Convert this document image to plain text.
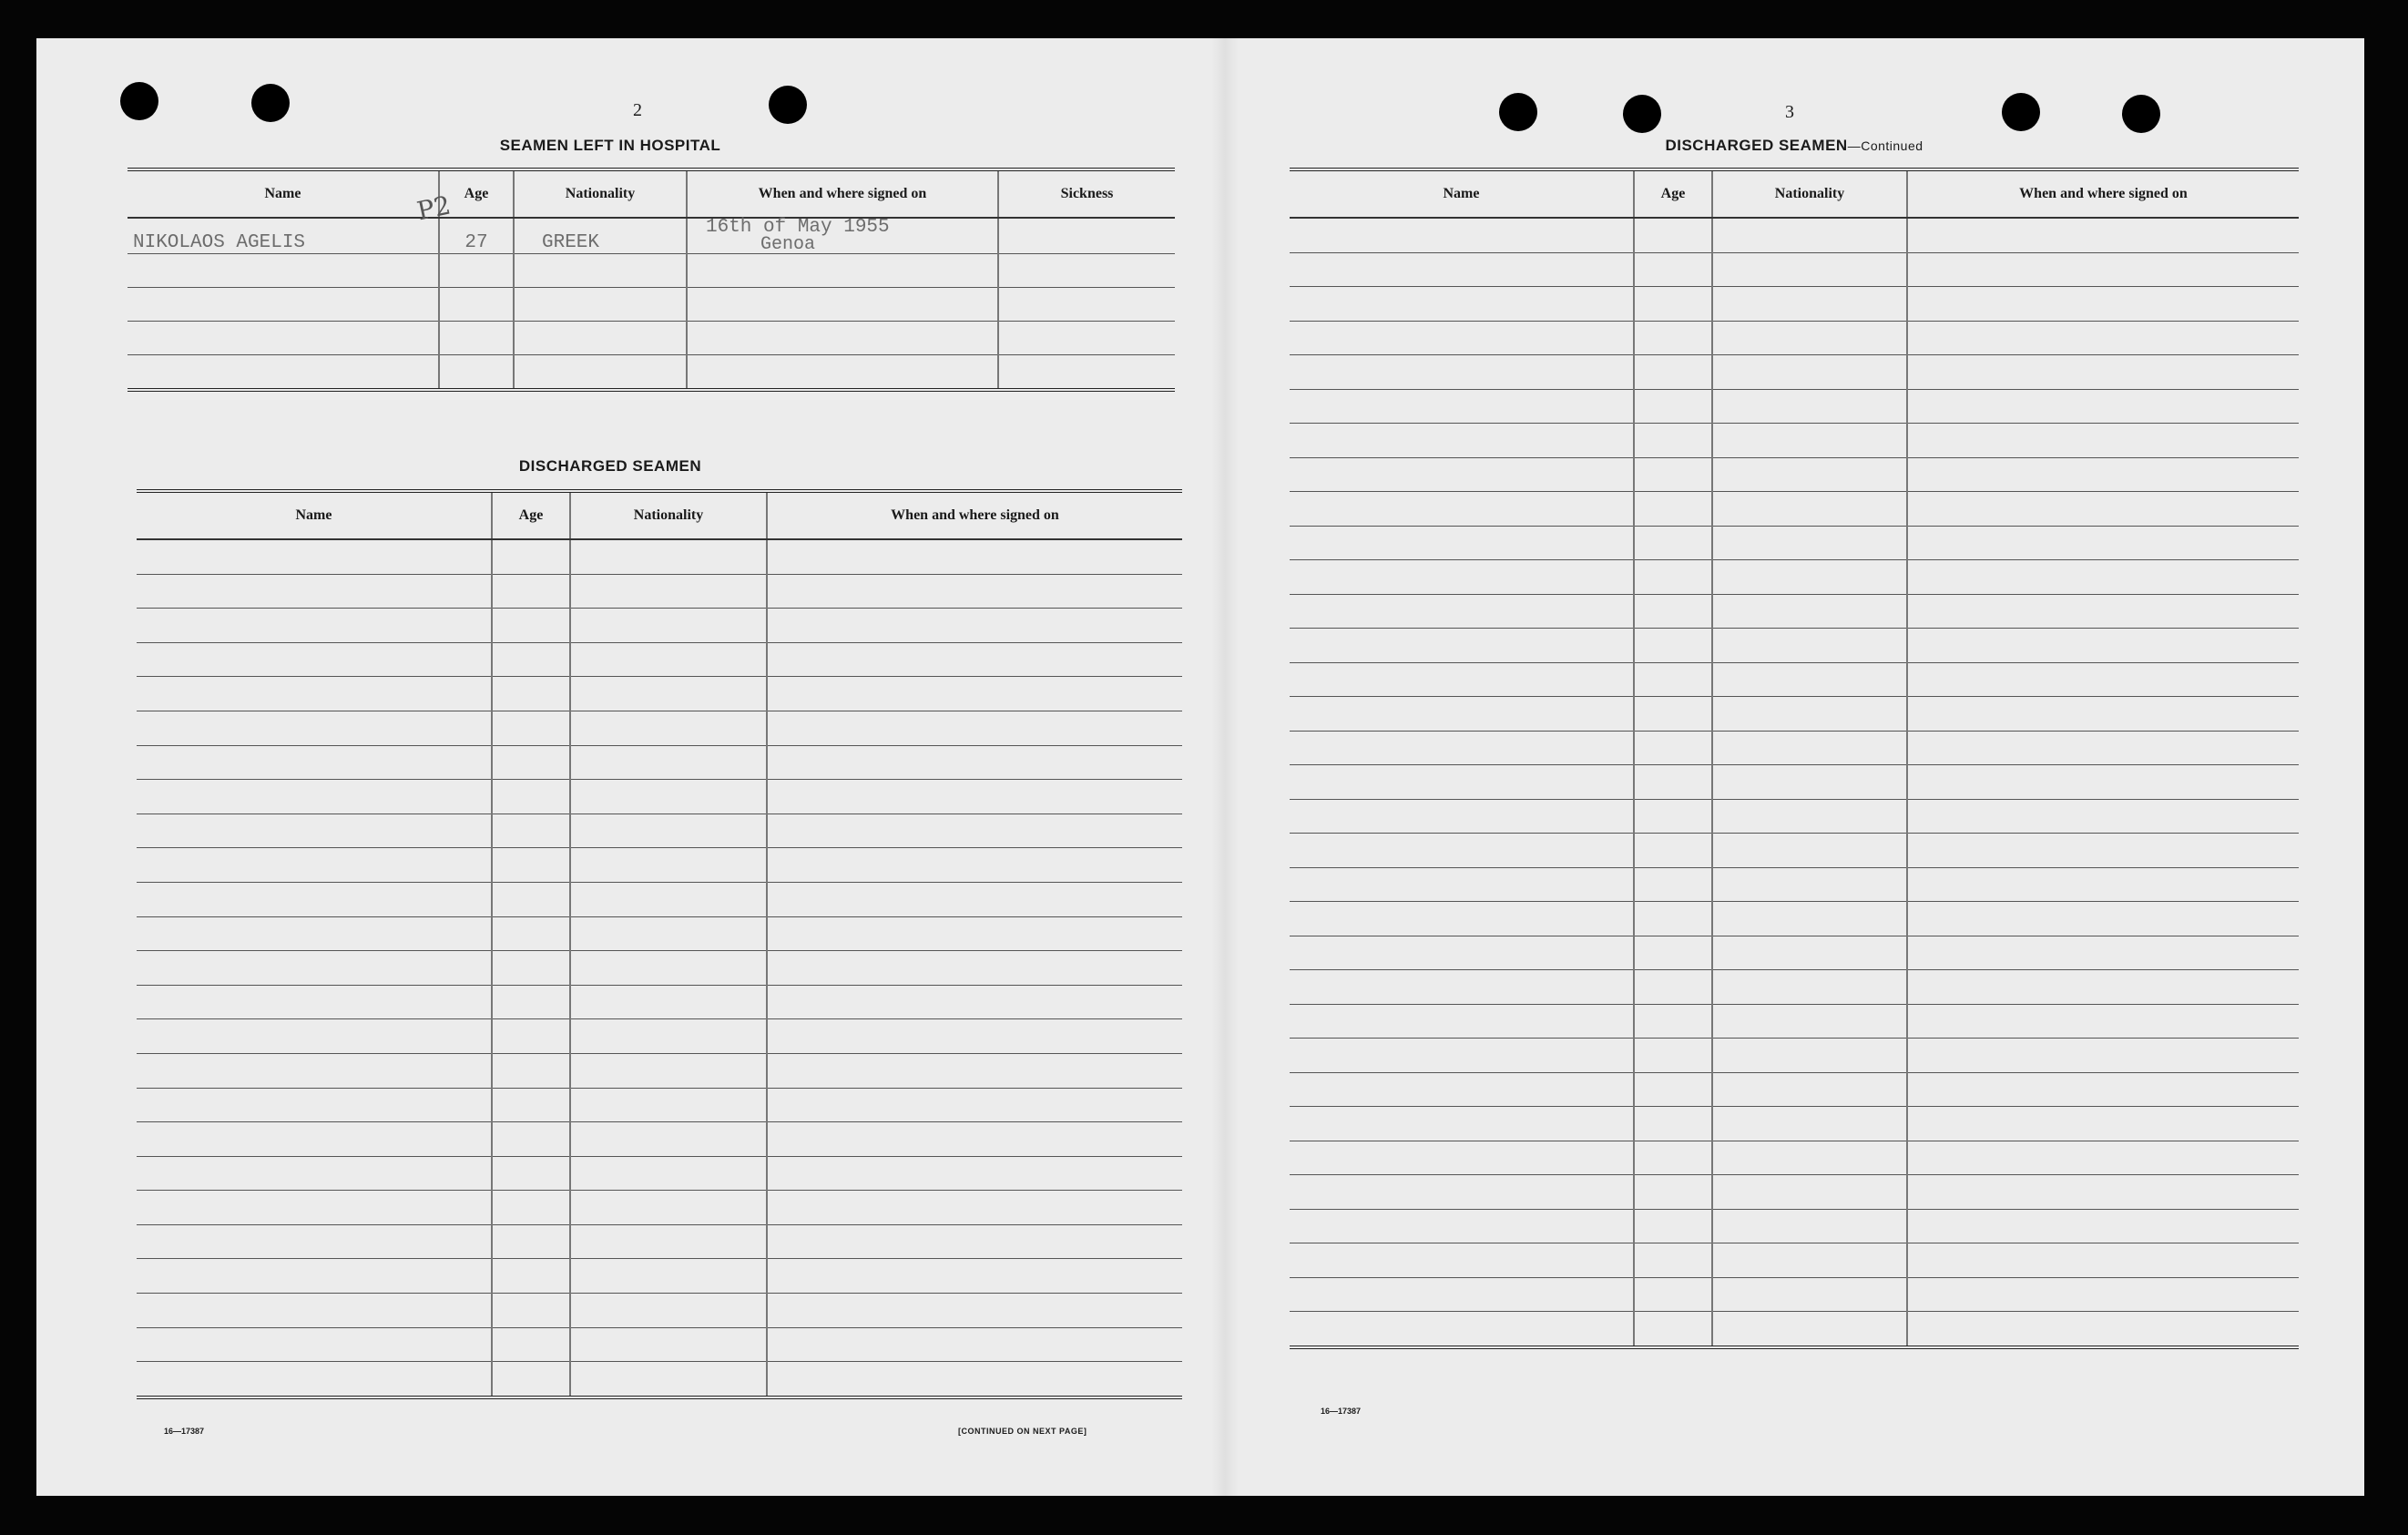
2
SEAMEN LEFT IN HOSPITAL
Name	Age	Nationality	When and where signed on	Sickness
NIKOLAOS AGELIS	27	GREEK	16th of May 1955
Genoa	

P2
DISCHARGED SEAMEN
Name	Age	Nationality	When and where signed on

16—17387	[CONTINUED ON NEXT PAGE]
3
DISCHARGED SEAMEN—Continued
Name	Age	Nationality	When and where signed on

16—17387
